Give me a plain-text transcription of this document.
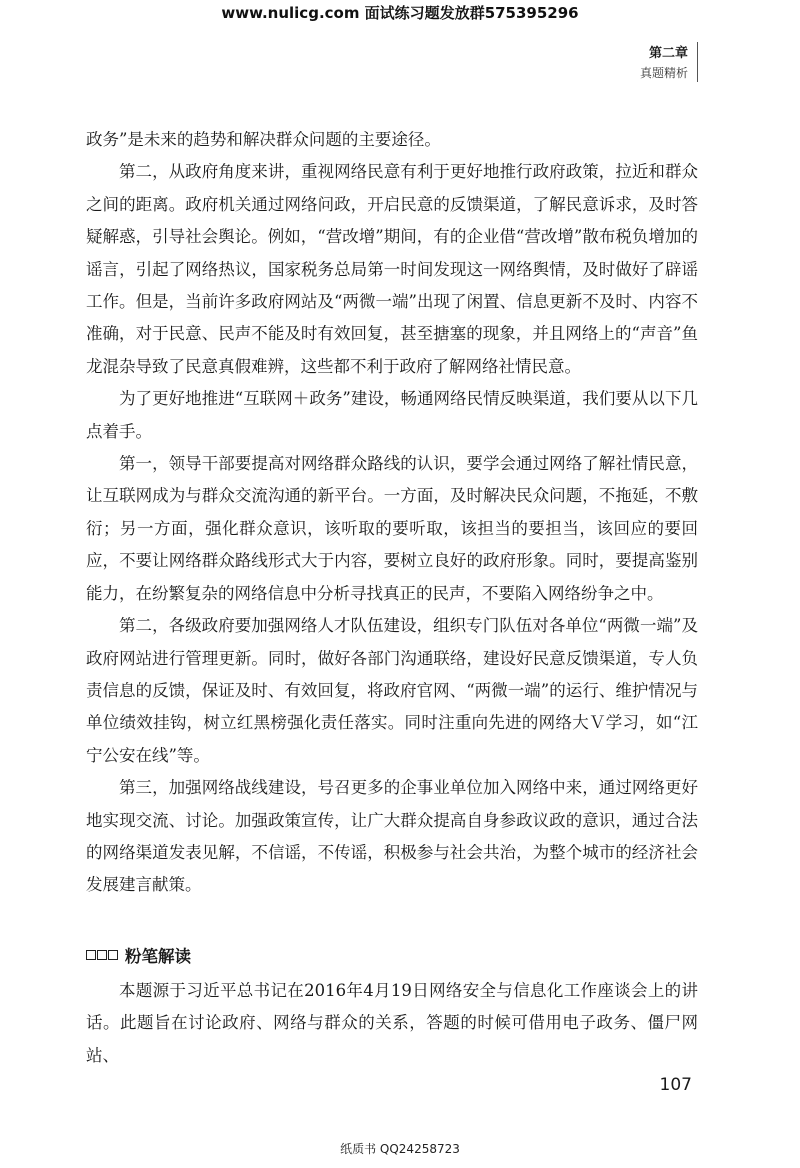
www.nulicg.com 面试练习题发放群575395296
第二章
真题精析

政务”是未来的趋势和解决群众问题的主要途径。

第二，从政府角度来讲，重视网络民意有利于更好地推行政府政策，拉近和群众之间的距离。政府机关通过网络问政，开启民意的反馈渠道，了解民意诉求，及时答疑解惑，引导社会舆论。例如，“营改增”期间，有的企业借“营改增”散布税负增加的谣言，引起了网络热议，国家税务总局第一时间发现这一网络舆情，及时做好了辟谣工作。但是，当前许多政府网站及“两微一端”出现了闲置、信息更新不及时、内容不准确，对于民意、民声不能及时有效回复，甚至搪塞的现象，并且网络上的“声音”鱼龙混杂导致了民意真假难辨，这些都不利于政府了解网络社情民意。

为了更好地推进“互联网＋政务”建设，畅通网络民情反映渠道，我们要从以下几点着手。

第一，领导干部要提高对网络群众路线的认识，要学会通过网络了解社情民意，让互联网成为与群众交流沟通的新平台。一方面，及时解决民众问题，不拖延，不敷衍；另一方面，强化群众意识，该听取的要听取，该担当的要担当，该回应的要回应，不要让网络群众路线形式大于内容，要树立良好的政府形象。同时，要提高鉴别能力，在纷繁复杂的网络信息中分析寻找真正的民声，不要陷入网络纷争之中。

第二，各级政府要加强网络人才队伍建设，组织专门队伍对各单位“两微一端”及政府网站进行管理更新。同时，做好各部门沟通联络，建设好民意反馈渠道，专人负责信息的反馈，保证及时、有效回复，将政府官网、“两微一端”的运行、维护情况与单位绩效挂钩，树立红黑榜强化责任落实。同时注重向先进的网络大Ｖ学习，如“江宁公安在线”等。

第三，加强网络战线建设，号召更多的企事业单位加入网络中来，通过网络更好地实现交流、讨论。加强政策宣传，让广大群众提高自身参政议政的意识，通过合法的网络渠道发表见解，不信谣，不传谣，积极参与社会共治，为整个城市的经济社会发展建言献策。

粉笔解读

本题源于习近平总书记在2016年4月19日网络安全与信息化工作座谈会上的讲话。此题旨在讨论政府、网络与群众的关系，答题的时候可借用电子政务、僵尸网站、

107
纸质书 QQ24258723
